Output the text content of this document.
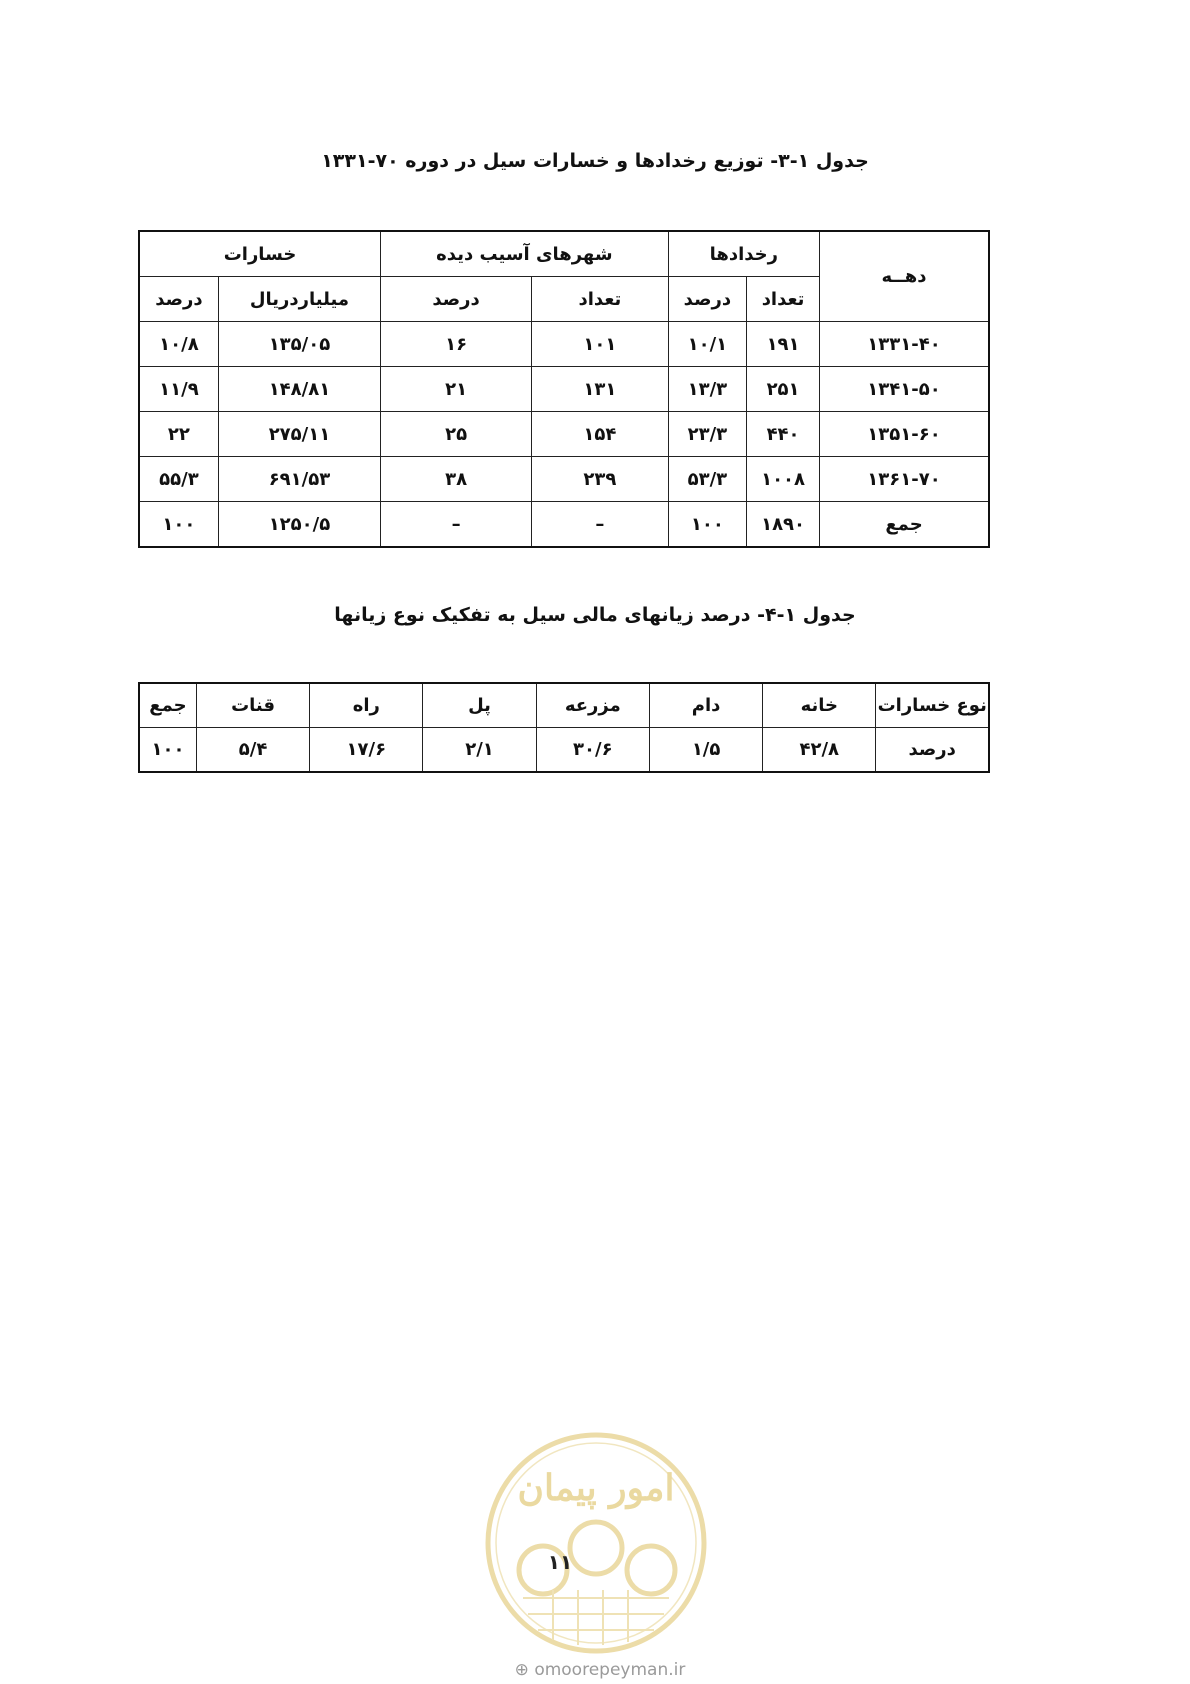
جدول ۱-۳- توزیع رخدادها و خسارات سیل در دوره ۷۰-۱۳۳۱
دهــه	رخدادها		شهرهای آسیب دیده		خسارات	
	تعداد	درصد	تعداد	درصد	میلیاردریال	درصد
۱۳۳۱-۴۰	۱۹۱	۱۰/۱	۱۰۱	۱۶	۱۳۵/۰۵	۱۰/۸
۱۳۴۱-۵۰	۲۵۱	۱۳/۳	۱۳۱	۲۱	۱۴۸/۸۱	۱۱/۹
۱۳۵۱-۶۰	۴۴۰	۲۳/۳	۱۵۴	۲۵	۲۷۵/۱۱	۲۲
۱۳۶۱-۷۰	۱۰۰۸	۵۳/۳	۲۳۹	۳۸	۶۹۱/۵۳	۵۵/۳
جمع	۱۸۹۰	۱۰۰	–	–	۱۲۵۰/۵	۱۰۰
جدول ۱-۴- درصد زیانهای مالی سیل به تفکیک نوع زیانها
نوع خسارات	خانه	دام	مزرعه	پل	راه	قنات	جمع
درصد	۴۲/۸	۱/۵	۳۰/۶	۲/۱	۱۷/۶	۵/۴	۱۰۰
امور پیمان
۱۱
⊕ omoorepeyman.ir
